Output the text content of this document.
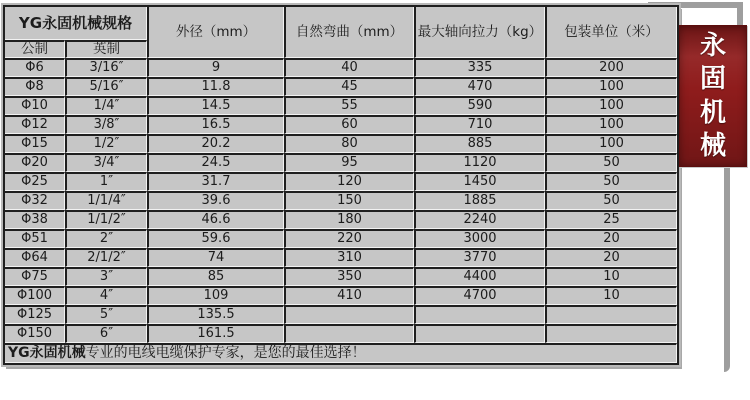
YG永固机械规格		外径（mm）	自然弯曲（mm）	最大轴向拉力（kg）	包装单位（米）
公制	英制				
Φ6	3/16″	9	40	335	200
Φ8	5/16″	11.8	45	470	100
Φ10	1/4″	14.5	55	590	100
Φ12	3/8″	16.5	60	710	100
Φ15	1/2″	20.2	80	885	100
Φ20	3/4″	24.5	95	1120	50
Φ25	1″	31.7	120	1450	50
Φ32	1/1/4″	39.6	150	1885	50
Φ38	1/1/2″	46.6	180	2240	25
Φ51	2″	59.6	220	3000	20
Φ64	2/1/2″	74	310	3770	20
Φ75	3″	85	350	4400	10
Φ100	4″	109	410	4700	10
Φ125	5″	135.5			
Φ150	6″	161.5			
YG永固机械专业的电线电缆保护专家，是您的最佳选择！					
永
固
机
械
